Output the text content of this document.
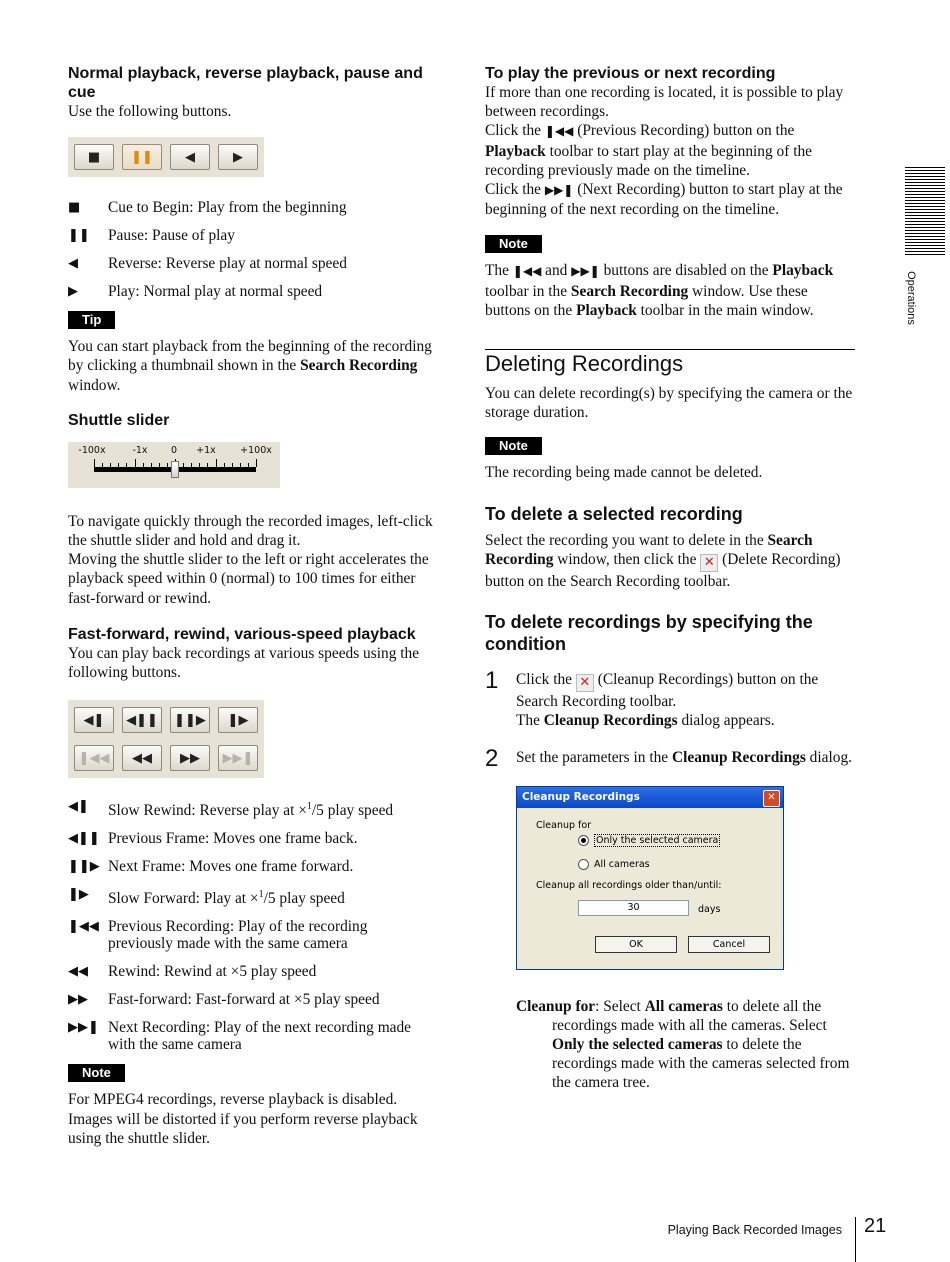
Normal playback, reverse playback, pause and cue

Use the following buttons.

■ ❚❚ ◀	▶
■	Cue to Begin: Play from the beginning
❚❚	Pause: Pause of play
◀	Reverse: Reverse play at normal speed
▶	Play: Normal play at normal speed
Tip

You can start playback from the beginning of the recording by clicking a thumbnail shown in the Search Recording window.

Shuttle slider
-100x	-1x 0 +1x	+100x

To navigate quickly through the recorded images, left-click the shuttle slider and hold and drag it.

Moving the shuttle slider to the left or right accelerates the playback speed within 0 (normal) to 100 times for either fast-forward or rewind.

Fast-forward, rewind, various-speed playback

You can play back recordings at various speeds using the following buttons.

◀❚ ◀❚❚ ❚❚▶ ❚▶
❚◀◀ ◀◀ ▶▶ ▶▶❚
◀❚	Slow Rewind: Reverse play at ×$^1$/5 play speed
◀❚❚ Previous Frame: Moves one frame back.
❚❚▶ Next Frame: Moves one frame forward.
❚▶	Slow Forward: Play at ×$^1$/5 play speed
❚◀◀ Previous Recording: Play of the recording
previously made with the same camera
◀◀	Rewind: Rewind at ×5 play speed
▶▶	Fast-forward: Fast-forward at ×5 play speed
▶▶❚ Next Recording: Play of the next recording made
with the same camera
Note

For MPEG4 recordings, reverse playback is disabled. Images will be distorted if you perform reverse playback using the shuttle slider.

To play the previous or next recording

If more than one recording is located, it is possible to play between recordings.

Click the ❚◀◀ (Previous Recording) button on the Playback toolbar to start play at the beginning of the recording previously made on the timeline.

Click the ▶▶❚ (Next Recording) button to start play at the beginning of the next recording on the timeline.

Note

The ❚◀◀ and ▶▶❚ buttons are disabled on the Playback toolbar in the Search Recording window. Use these buttons on the Playback toolbar in the main window.

Deleting Recordings

You can delete recording(s) by specifying the camera or the storage duration.

Note

The recording being made cannot be deleted.

To delete a selected recording

Select the recording you want to delete in the Search Recording window, then click the ✕ (Delete Recording) button on the Search Recording toolbar.

To delete recordings by specifying the condition
1	Click the ✕ (Cleanup Recordings) button on the Search Recording toolbar.

The Cleanup Recordings dialog appears.

2	Set the parameters in the Cleanup Recordings dialog.

Cleanup Recordings	✕
Cleanup for
Only the selected camera
All cameras
Cleanup all recordings older than/until:
30	days
OK	Cancel

Cleanup for: Select All cameras to delete all the recordings made with all the cameras. Select Only the selected cameras to delete the recordings made with the cameras selected from the camera tree.

Operations
Playing Back Recorded Images 21
